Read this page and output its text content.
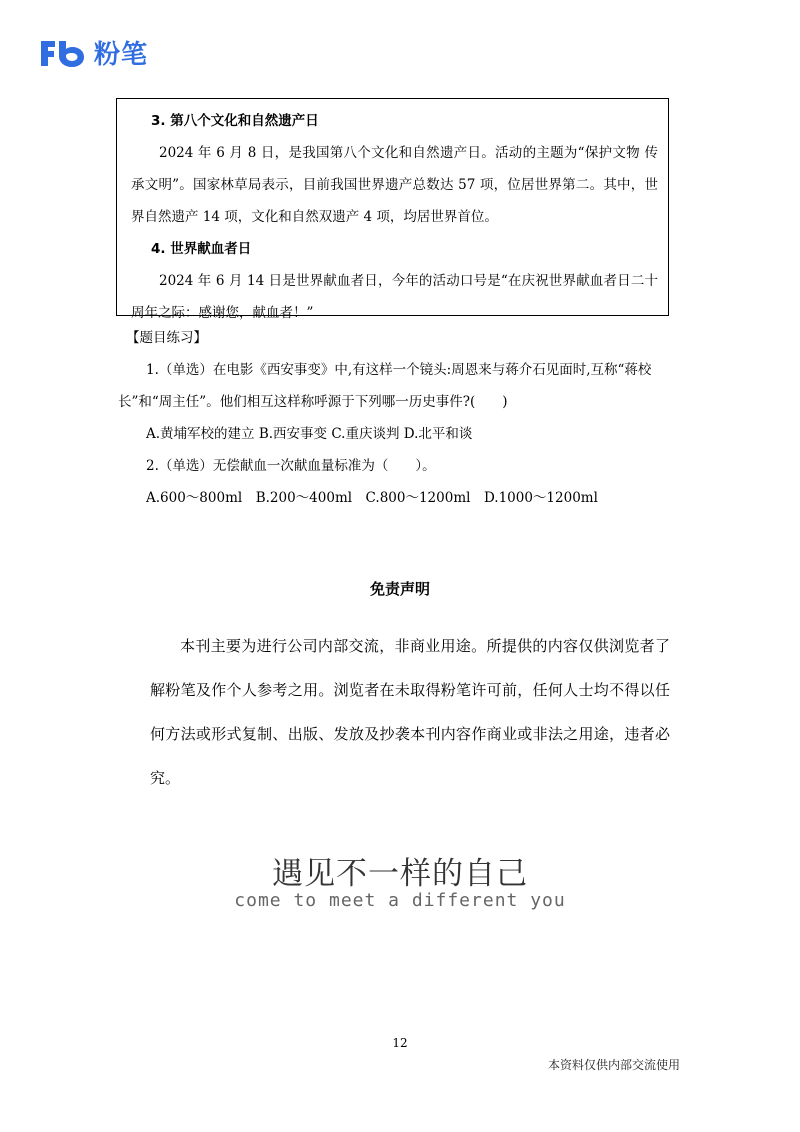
粉笔
3. 第八个文化和自然遗产日

2024 年 6 月 8 日，是我国第八个文化和自然遗产日。活动的主题为“保护文物 传承文明”。国家林草局表示，目前我国世界遗产总数达 57 项，位居世界第二。其中，世界自然遗产 14 项，文化和自然双遗产 4 项，均居世界首位。

4. 世界献血者日

2024 年 6 月 14 日是世界献血者日，今年的活动口号是“在庆祝世界献血者日二十周年之际：感谢您，献血者！”

【题目练习】

1.（单选）在电影《西安事变》中,有这样一个镜头:周恩来与蒋介石见面时,互称“蒋校长”和“周主任”。他们相互这样称呼源于下列哪一历史事件?(　　)

A.黄埔军校的建立 B.西安事变 C.重庆谈判 D.北平和谈

2.（单选）无偿献血一次献血量标准为（　　）。

A.600～800ml　B.200～400ml　C.800～1200ml　D.1000～1200ml

免责声明

本刊主要为进行公司内部交流，非商业用途。所提供的内容仅供浏览者了解粉笔及作个人参考之用。浏览者在未取得粉笔许可前，任何人士均不得以任何方法或形式复制、出版、发放及抄袭本刊内容作商业或非法之用途，违者必究。

遇见不一样的自己
come to meet a different you
12
本资料仅供内部交流使用
